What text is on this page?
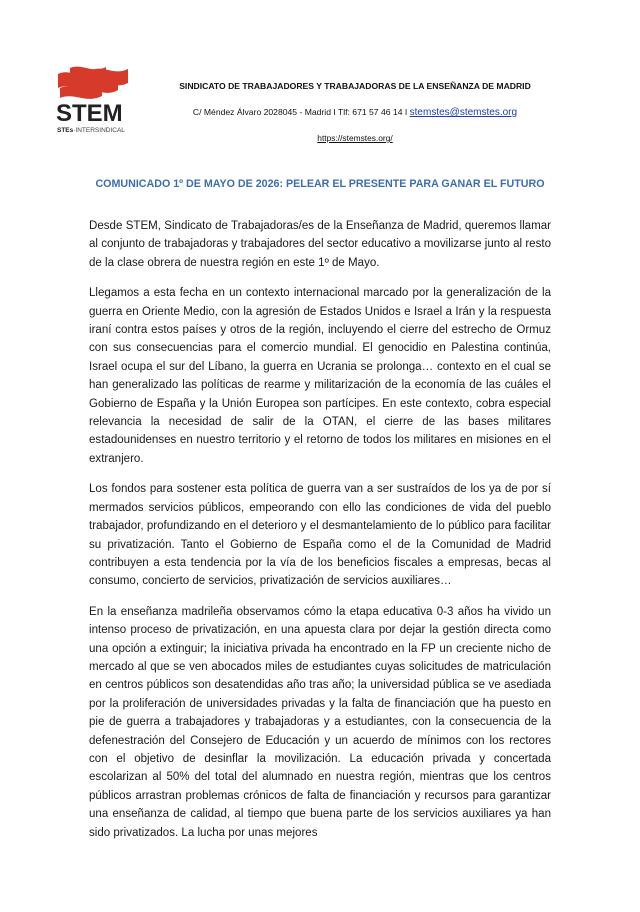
STEM
STEs·INTERSINDICAL
SINDICATO DE TRABAJADORES Y TRABAJADORAS DE LA ENSEÑANZA DE MADRID
C/ Méndez Álvaro 2028045 - Madrid I Tlf: 671 57 46 14 I stemstes@stemstes.org
https://stemstes.org/
COMUNICADO 1º DE MAYO DE 2026: PELEAR EL PRESENTE PARA GANAR EL FUTURO

Desde STEM, Sindicato de Trabajadoras/es de la Enseñanza de Madrid, queremos llamar al conjunto de trabajadoras y trabajadores del sector educativo a movilizarse junto al resto de la clase obrera de nuestra región en este 1º de Mayo.

Llegamos a esta fecha en un contexto internacional marcado por la generalización de la guerra en Oriente Medio, con la agresión de Estados Unidos e Israel a Irán y la respuesta iraní contra estos países y otros de la región, incluyendo el cierre del estrecho de Ormuz con sus consecuencias para el comercio mundial. El genocidio en Palestina continúa, Israel ocupa el sur del Líbano, la guerra en Ucrania se prolonga… contexto en el cual se han generalizado las políticas de rearme y militarización de la economía de las cuáles el Gobierno de España y la Unión Europea son partícipes. En este contexto, cobra especial relevancia la necesidad de salir de la OTAN, el cierre de las bases militares estadounidenses en nuestro territorio y el retorno de todos los militares en misiones en el extranjero.

Los fondos para sostener esta política de guerra van a ser sustraídos de los ya de por sí mermados servicios públicos, empeorando con ello las condiciones de vida del pueblo trabajador, profundizando en el deterioro y el desmantelamiento de lo público para facilitar su privatización. Tanto el Gobierno de España como el de la Comunidad de Madrid contribuyen a esta tendencia por la vía de los beneficios fiscales a empresas, becas al consumo, concierto de servicios, privatización de servicios auxiliares…

En la enseñanza madrileña observamos cómo la etapa educativa 0-3 años ha vivido un intenso proceso de privatización, en una apuesta clara por dejar la gestión directa como una opción a extinguir; la iniciativa privada ha encontrado en la FP un creciente nicho de mercado al que se ven abocados miles de estudiantes cuyas solicitudes de matriculación en centros públicos son desatendidas año tras año; la universidad pública se ve asediada por la proliferación de universidades privadas y la falta de financiación que ha puesto en pie de guerra a trabajadores y trabajadoras y a estudiantes, con la consecuencia de la defenestración del Consejero de Educación y un acuerdo de mínimos con los rectores con el objetivo de desinflar la movilización. La educación privada y concertada escolarizan al 50% del total del alumnado en nuestra región, mientras que los centros públicos arrastran problemas crónicos de falta de financiación y recursos para garantizar una enseñanza de calidad, al tiempo que buena parte de los servicios auxiliares ya han sido privatizados. La lucha por unas mejores
